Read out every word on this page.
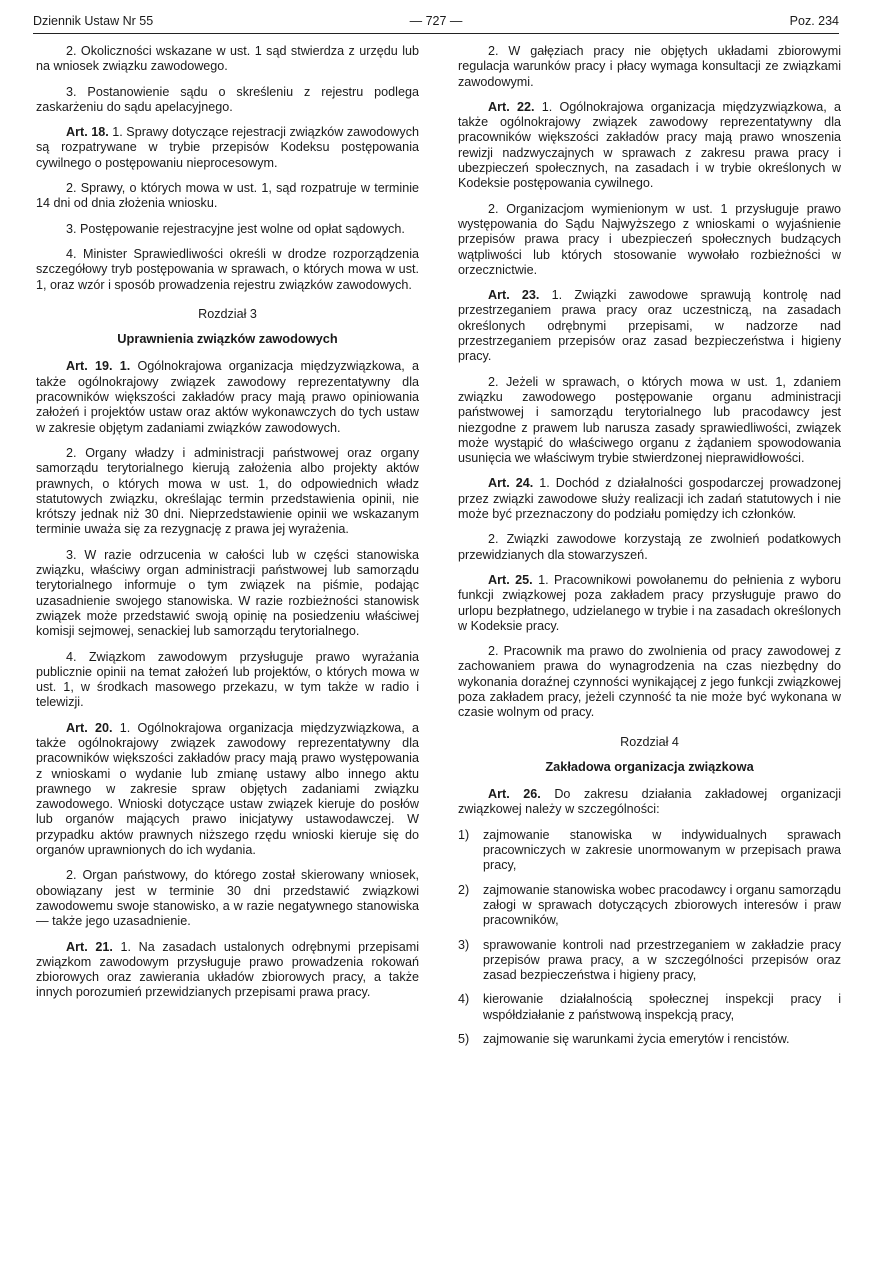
Dziennik Ustaw Nr 55	— 727 —	Poz. 234

2. Okoliczności wskazane w ust. 1 sąd stwierdza z urzędu lub na wniosek związku zawodowego.

3. Postanowienie sądu o skreśleniu z rejestru podlega zaskarżeniu do sądu apelacyjnego.

Art. 18. 1. Sprawy dotyczące rejestracji związków zawodowych są rozpatrywane w trybie przepisów Kodeksu postępowania cywilnego o postępowaniu nieprocesowym.

2. Sprawy, o których mowa w ust. 1, sąd rozpatruje w terminie 14 dni od dnia złożenia wniosku.

3. Postępowanie rejestracyjne jest wolne od opłat sądowych.

4. Minister Sprawiedliwości określi w drodze rozporządzenia szczegółowy tryb postępowania w sprawach, o których mowa w ust. 1, oraz wzór i sposób prowadzenia rejestru związków zawodowych.

Rozdział 3
Uprawnienia związków zawodowych

Art. 19. 1. Ogólnokrajowa organizacja międzyzwiązkowa, a także ogólnokrajowy związek zawodowy reprezentatywny dla pracowników większości zakładów pracy mają prawo opiniowania założeń i projektów ustaw oraz aktów wykonawczych do tych ustaw w zakresie objętym zadaniami związków zawodowych.

2. Organy władzy i administracji państwowej oraz organy samorządu terytorialnego kierują założenia albo projekty aktów prawnych, o których mowa w ust. 1, do odpowiednich władz statutowych związku, określając termin przedstawienia opinii, nie krótszy jednak niż 30 dni. Nieprzedstawienie opinii we wskazanym terminie uważa się za rezygnację z prawa jej wyrażenia.

3. W razie odrzucenia w całości lub w części stanowiska związku, właściwy organ administracji państwowej lub samorządu terytorialnego informuje o tym związek na piśmie, podając uzasadnienie swojego stanowiska. W razie rozbieżności stanowisk związek może przedstawić swoją opinię na posiedzeniu właściwej komisji sejmowej, senackiej lub samorządu terytorialnego.

4. Związkom zawodowym przysługuje prawo wyrażania publicznie opinii na temat założeń lub projektów, o których mowa w ust. 1, w środkach masowego przekazu, w tym także w radio i telewizji.

Art. 20. 1. Ogólnokrajowa organizacja międzyzwiązkowa, a także ogólnokrajowy związek zawodowy reprezentatywny dla pracowników większości zakładów pracy mają prawo występowania z wnioskami o wydanie lub zmianę ustawy albo innego aktu prawnego w zakresie spraw objętych zadaniami związku zawodowego. Wnioski dotyczące ustaw związek kieruje do posłów lub organów mających prawo inicjatywy ustawodawczej. W przypadku aktów prawnych niższego rzędu wnioski kieruje się do organów uprawnionych do ich wydania.

2. Organ państwowy, do którego został skierowany wniosek, obowiązany jest w terminie 30 dni przedstawić związkowi zawodowemu swoje stanowisko, a w razie negatywnego stanowiska — także jego uzasadnienie.

Art. 21. 1. Na zasadach ustalonych odrębnymi przepisami związkom zawodowym przysługuje prawo prowadzenia rokowań zbiorowych oraz zawierania układów zbiorowych pracy, a także innych porozumień przewidzianych przepisami prawa pracy.

2. W gałęziach pracy nie objętych układami zbiorowymi regulacja warunków pracy i płacy wymaga konsultacji ze związkami zawodowymi.

Art. 22. 1. Ogólnokrajowa organizacja międzyzwiązkowa, a także ogólnokrajowy związek zawodowy reprezentatywny dla pracowników większości zakładów pracy mają prawo wnoszenia rewizji nadzwyczajnych w sprawach z zakresu prawa pracy i ubezpieczeń społecznych, na zasadach i w trybie określonych w Kodeksie postępowania cywilnego.

2. Organizacjom wymienionym w ust. 1 przysługuje prawo występowania do Sądu Najwyższego z wnioskami o wyjaśnienie przepisów prawa pracy i ubezpieczeń społecznych budzących wątpliwości lub których stosowanie wywołało rozbieżności w orzecznictwie.

Art. 23. 1. Związki zawodowe sprawują kontrolę nad przestrzeganiem prawa pracy oraz uczestniczą, na zasadach określonych odrębnymi przepisami, w nadzorze nad przestrzeganiem przepisów oraz zasad bezpieczeństwa i higieny pracy.

2. Jeżeli w sprawach, o których mowa w ust. 1, zdaniem związku zawodowego postępowanie organu administracji państwowej i samorządu terytorialnego lub pracodawcy jest niezgodne z prawem lub narusza zasady sprawiedliwości, związek może wystąpić do właściwego organu z żądaniem spowodowania usunięcia we właściwym trybie stwierdzonej nieprawidłowości.

Art. 24. 1. Dochód z działalności gospodarczej prowadzonej przez związki zawodowe służy realizacji ich zadań statutowych i nie może być przeznaczony do podziału pomiędzy ich członków.

2. Związki zawodowe korzystają ze zwolnień podatkowych przewidzianych dla stowarzyszeń.

Art. 25. 1. Pracownikowi powołanemu do pełnienia z wyboru funkcji związkowej poza zakładem pracy przysługuje prawo do urlopu bezpłatnego, udzielanego w trybie i na zasadach określonych w Kodeksie pracy.

2. Pracownik ma prawo do zwolnienia od pracy zawodowej z zachowaniem prawa do wynagrodzenia na czas niezbędny do wykonania doraźnej czynności wynikającej z jego funkcji związkowej poza zakładem pracy, jeżeli czynność ta nie może być wykonana w czasie wolnym od pracy.

Rozdział 4
Zakładowa organizacja związkowa

Art. 26. Do zakresu działania zakładowej organizacji związkowej należy w szczególności:

1) zajmowanie stanowiska w indywidualnych sprawach pracowniczych w zakresie unormowanym w przepisach prawa pracy,
2) zajmowanie stanowiska wobec pracodawcy i organu samorządu załogi w sprawach dotyczących zbiorowych interesów i praw pracowników,
3) sprawowanie kontroli nad przestrzeganiem w zakładzie pracy przepisów prawa pracy, a w szczególności przepisów oraz zasad bezpieczeństwa i higieny pracy,
4) kierowanie działalnością społecznej inspekcji pracy i współdziałanie z państwową inspekcją pracy,
5) zajmowanie się warunkami życia emerytów i rencistów.
